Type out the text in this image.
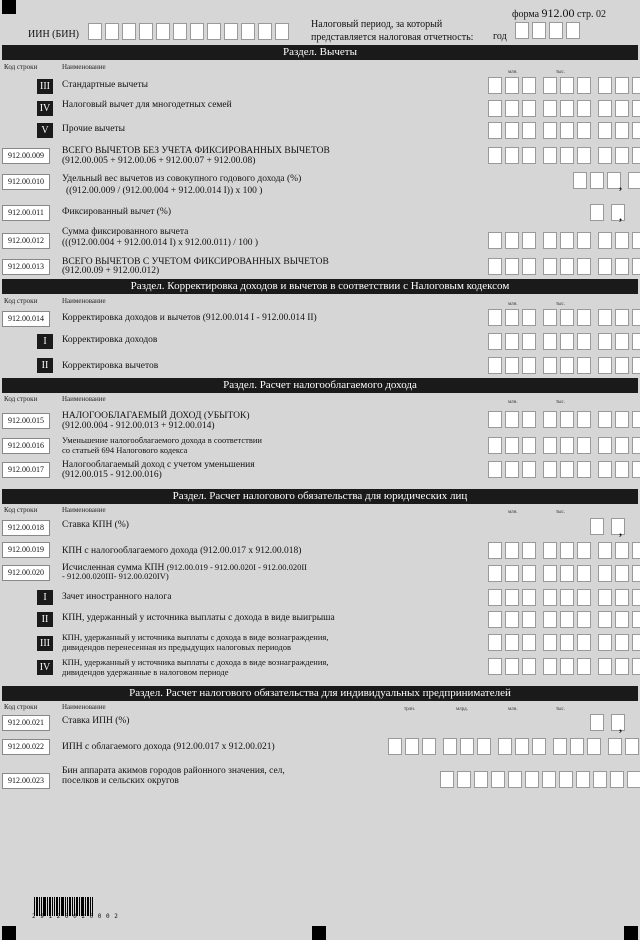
форма 912.00 стр. 02
ИИН (БИН)
Налоговый период, за который представляется налоговая отчетность:	год
Раздел. Вычеты
Код строки	Наименование
млн.	тыс.
III	Стандартные вычеты
IV Налоговый вычет для многодетных семей
V	Прочие вычеты
912.00.009	ВСЕГО ВЫЧЕТОВ БЕЗ УЧЕТА ФИКСИРОВАННЫХ ВЫЧЕТОВ
(912.00.005 + 912.00.06 + 912.00.07 + 912.00.08)
912.00.010	Удельный вес вычетов из совокупного годового дохода (%)
((912.00.009 / (912.00.004 + 912.00.014 I)) х 100 )	,
912.00.011	Фиксированный вычет (%)	,
912.00.012
Сумма фиксированного вычета
(((912.00.004 + 912.00.014 I) х 912.00.011) / 100 )
912.00.013	ВСЕГО ВЫЧЕТОВ С УЧЕТОМ ФИКСИРОВАННЫХ ВЫЧЕТОВ
(912.00.09 + 912.00.012)
Раздел. Корректировка доходов и вычетов в соответствии с Налоговым кодексом
Код строки	Наименование	млн.	тыс.
912.00.014	Корректировка доходов и вычетов (912.00.014 I - 912.00.014 II)
I	Корректировка доходов
II	Корректировка вычетов
Раздел. Расчет налогооблагаемого дохода
Код строки	Наименование	млн.	тыс.
912.00.015	НАЛОГООБЛАГАЕМЫЙ ДОХОД (УБЫТОК)
(912.00.004 - 912.00.013 + 912.00.014)
912.00.016
Уменьшение налогооблагаемого дохода в соответствии
со статьей 694 Налогового кодекса
912.00.017	Налогооблагаемый доход с учетом уменьшения
(912.00.015 - 912.00.016)
Раздел. Расчет налогового обязательства для юридических лиц
Код строки	Наименование	млн.	тыс.
912.00.018	Ставка КПН (%)	,
912.00.019	КПН с налогооблагаемого дохода (912.00.017 х 912.00.018)
912.00.020	Исчисленная сумма КПН (912.00.019 - 912.00.020I - 912.00.020II
- 912.00.020III- 912.00.020IV)
I	Зачет иностранного налога
II	КПН, удержанный у источника выплаты с дохода в виде выигрыша
III
КПН, удержанный у источника выплаты с дохода в виде вознаграждения,
дивидендов перенесенная из предыдущих налоговых периодов
IV	КПН, удержанный у источника выплаты с дохода в виде вознаграждения,
дивидендов удержанные в налоговом периоде
Раздел. Расчет налогового обязательства для индивидуальных предпринимателей
Код строки	Наименование	трлн.	млрд.	млн.	тыс.
912.00.021	Ставка ИПН (%)	,
912.00.022	ИПН с облагаемого дохода (912.00.017 х 912.00.021)
912.00.023
Бин аппарата акимов городов районного значения, сел,
поселков и сельских округов
2 9 1 2 0 0 2 0 0 0 2
